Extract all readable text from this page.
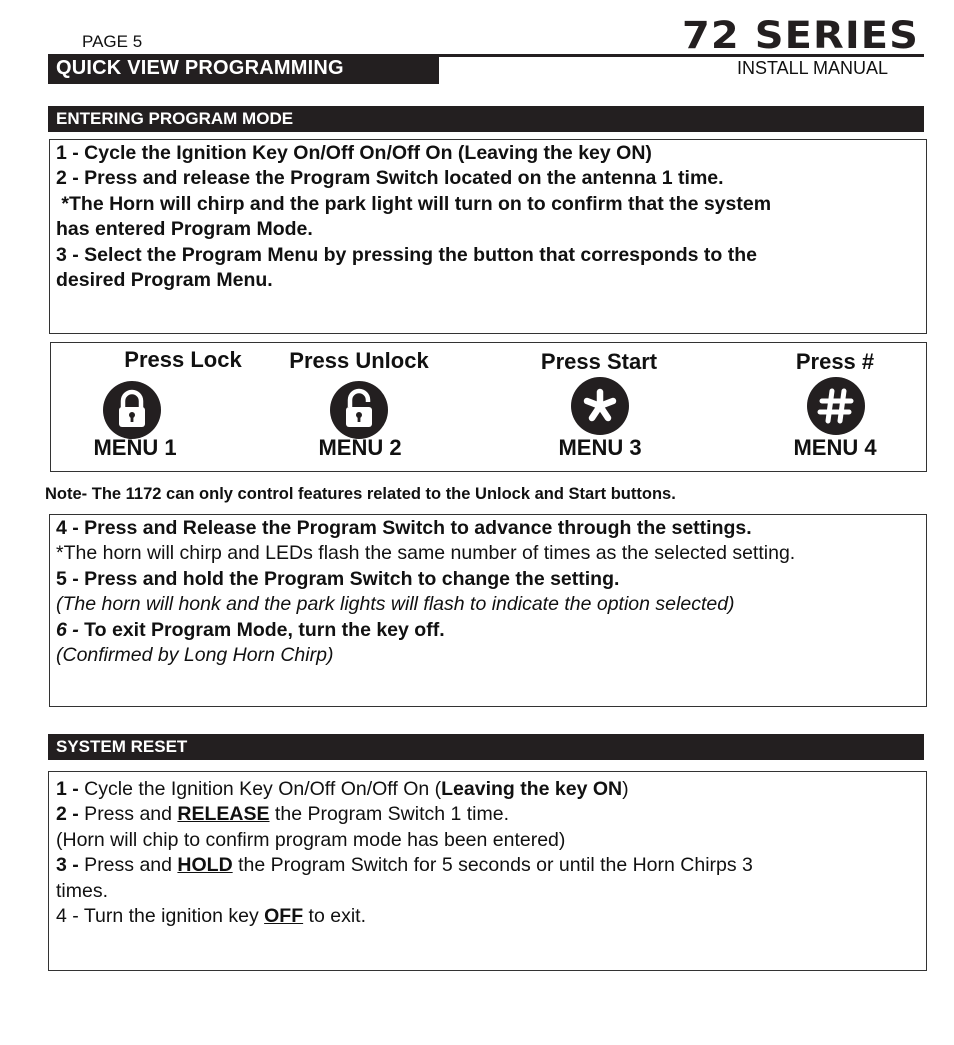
PAGE 5
QUICK VIEW PROGRAMMING
72 SERIES
INSTALL MANUAL
ENTERING PROGRAM MODE
1 - Cycle the Ignition Key On/Off On/Off On (Leaving the key ON)
2 - Press and release the Program Switch located on the antenna 1 time.
*The Horn will chirp and the park light will turn on to confirm that the system
has entered Program Mode.
3 - Select the Program Menu by pressing the button that corresponds to the
desired Program Menu.
Press Lock	Press Unlock	Press Start	Press #
MENU 1	MENU 2	MENU 3	MENU 4
Note- The 1172 can only control features related to the Unlock and Start buttons.
4 - Press and Release the Program Switch to advance through the settings.
*The horn will chirp and LEDs flash the same number of times as the selected setting.
5 - Press and hold the Program Switch to change the setting.
(The horn will honk and the park lights will flash to indicate the option selected)
6 - To exit Program Mode, turn the key off.
(Confirmed by Long Horn Chirp)
SYSTEM RESET
1 - Cycle the Ignition Key On/Off On/Off On (Leaving the key ON)
2 - Press and RELEASE the Program Switch 1 time.
(Horn will chip to confirm program mode has been entered)
3 - Press and HOLD the Program Switch for 5 seconds or until the Horn Chirps 3
times.
4 - Turn the ignition key OFF to exit.
